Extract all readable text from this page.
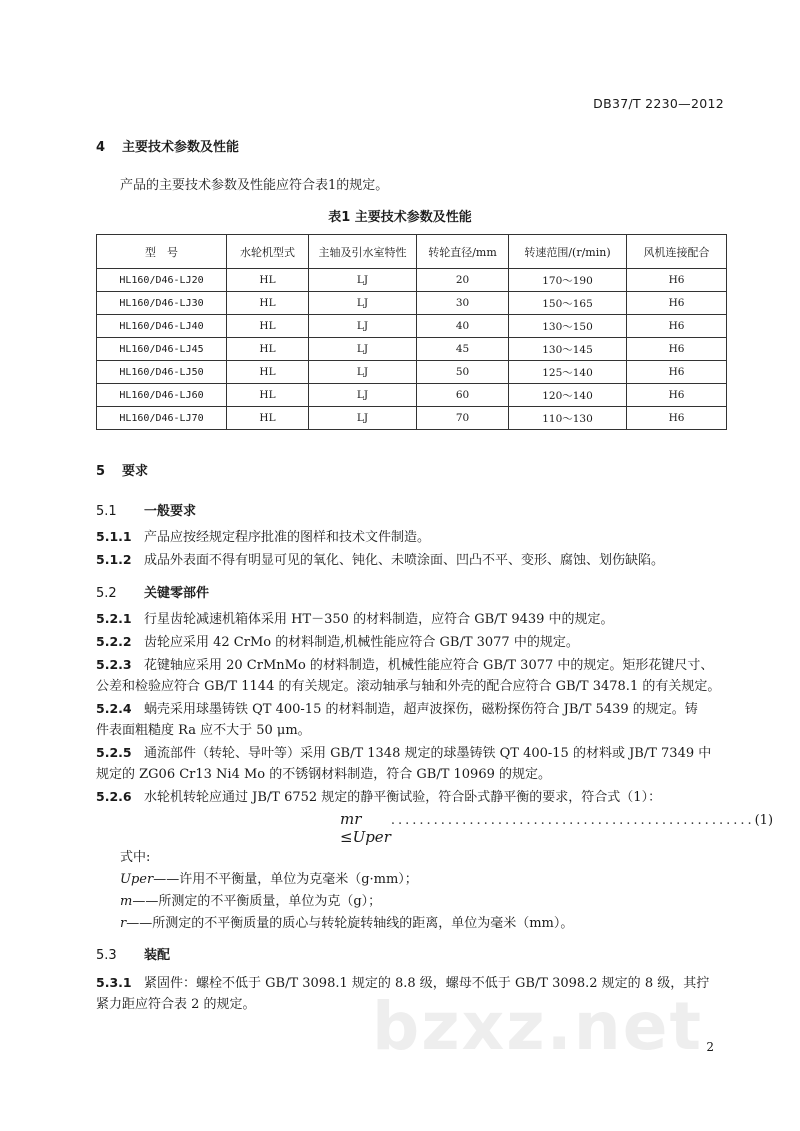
DB37/T 2230—2012
4 主要技术参数及性能
产品的主要技术参数及性能应符合表1的规定。
表1 主要技术参数及性能
型　号	水轮机型式	主轴及引水室特性	转轮直径/mm	转速范围/(r/min)	风机连接配合
HL160/D46-LJ20	HL	LJ	20	170～190	H6
HL160/D46-LJ30	HL	LJ	30	150～165	H6
HL160/D46-LJ40	HL	LJ	40	130～150	H6
HL160/D46-LJ45	HL	LJ	45	130～145	H6
HL160/D46-LJ50	HL	LJ	50	125～140	H6
HL160/D46-LJ60	HL	LJ	60	120～140	H6
HL160/D46-LJ70	HL	LJ	70	110～130	H6
5 要求
5.1 一般要求
5.1.1 产品应按经规定程序批准的图样和技术文件制造。
5.1.2 成品外表面不得有明显可见的氧化、钝化、未喷涂面、凹凸不平、变形、腐蚀、划伤缺陷。
5.2 关键零部件
5.2.1 行星齿轮减速机箱体采用 HT－350 的材料制造，应符合 GB/T 9439 中的规定。
5.2.2 齿轮应采用 42 CrMo 的材料制造,机械性能应符合 GB/T 3077 中的规定。
5.2.3 花键轴应采用 20 CrMnMo 的材料制造，机械性能应符合 GB/T 3077 中的规定。矩形花键尺寸、
公差和检验应符合 GB/T 1144 的有关规定。滚动轴承与轴和外壳的配合应符合 GB/T 3478.1 的有关规定。
5.2.4 蜗壳采用球墨铸铁 QT 400-15 的材料制造，超声波探伤，磁粉探伤符合 JB/T 5439 的规定。铸
件表面粗糙度 Ra 应不大于 50 μm。
5.2.5 通流部件（转轮、导叶等）采用 GB/T 1348 规定的球墨铸铁 QT 400-15 的材料或 JB/T 7349 中
规定的 ZG06 Cr13 Ni4 Mo 的不锈钢材料制造，符合 GB/T 10969 的规定。
5.2.6 水轮机转轮应通过 JB/T 6752 规定的静平衡试验，符合卧式静平衡的要求，符合式（1）：
mr ≤Uper
................................................... (1)
式中:
Uper——许用不平衡量，单位为克毫米（g·mm）；
m——所测定的不平衡质量，单位为克（g）；
r——所测定的不平衡质量的质心与转轮旋转轴线的距离，单位为毫米（mm）。
5.3 装配
5.3.1 紧固件：螺栓不低于 GB/T 3098.1 规定的 8.8 级，螺母不低于 GB/T 3098.2 规定的 8 级，其拧
紧力距应符合表 2 的规定。	bzxz.net 2
